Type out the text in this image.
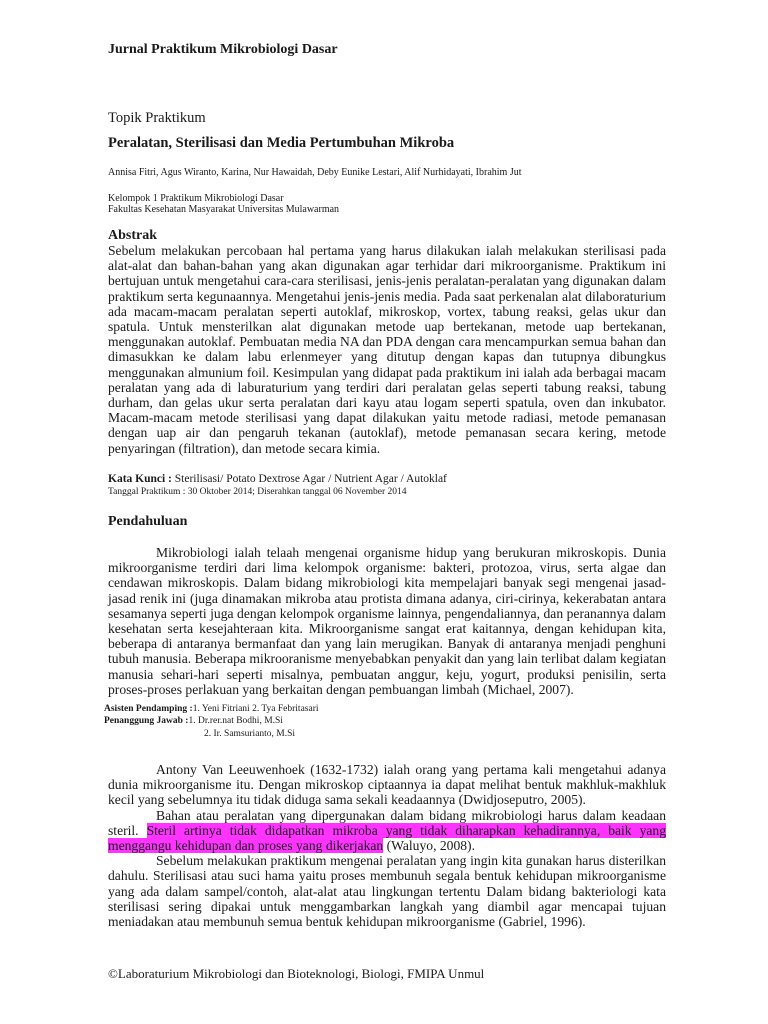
Jurnal Praktikum Mikrobiologi Dasar
Topik Praktikum
Peralatan, Sterilisasi dan Media Pertumbuhan Mikroba
Annisa Fitri, Agus Wiranto, Karina, Nur Hawaidah, Deby Eunike Lestari, Alif Nurhidayati, Ibrahim Jut
Kelompok 1 Praktikum Mikrobiologi Dasar
Fakultas Kesehatan Masyarakat Universitas Mulawarman
Abstrak
Sebelum melakukan percobaan hal pertama yang harus dilakukan ialah melakukan sterilisasi pada alat-alat dan bahan-bahan yang akan digunakan agar terhidar dari mikroorganisme. Praktikum ini bertujuan untuk mengetahui cara-cara sterilisasi, jenis-jenis peralatan-peralatan yang digunakan dalam praktikum serta kegunaannya. Mengetahui jenis-jenis media. Pada saat perkenalan alat dilaboraturium ada macam-macam peralatan seperti autoklaf, mikroskop, vortex, tabung reaksi, gelas ukur dan spatula. Untuk mensterilkan alat digunakan metode uap bertekanan, metode uap bertekanan, menggunakan autoklaf. Pembuatan media NA dan PDA dengan cara mencampurkan semua bahan dan dimasukkan ke dalam labu erlenmeyer yang ditutup dengan kapas dan tutupnya dibungkus menggunakan almunium foil. Kesimpulan yang didapat pada praktikum ini ialah ada berbagai macam peralatan yang ada di laburaturium yang terdiri dari peralatan gelas seperti tabung reaksi, tabung durham, dan gelas ukur serta peralatan dari kayu atau logam seperti spatula, oven dan inkubator. Macam-macam metode sterilisasi yang dapat dilakukan yaitu metode radiasi, metode pemanasan dengan uap air dan pengaruh tekanan (autoklaf), metode pemanasan secara kering, metode penyaringan (filtration), dan metode secara kimia.
Kata Kunci : Sterilisasi/ Potato Dextrose Agar / Nutrient Agar / Autoklaf
Tanggal Praktikum : 30 Oktober 2014; Diserahkan tanggal 06 November 2014
Pendahuluan
Mikrobiologi ialah telaah mengenai organisme hidup yang berukuran mikroskopis. Dunia mikroorganisme terdiri dari lima kelompok organisme: bakteri, protozoa, virus, serta algae dan cendawan mikroskopis. Dalam bidang mikrobiologi kita mempelajari banyak segi mengenai jasad-jasad renik ini (juga dinamakan mikroba atau protista dimana adanya, ciri-cirinya, kekerabatan antara sesamanya seperti juga dengan kelompok organisme lainnya, pengendaliannya, dan peranannya dalam kesehatan serta kesejahteraan kita. Mikroorganisme sangat erat kaitannya, dengan kehidupan kita, beberapa di antaranya bermanfaat dan yang lain merugikan. Banyak di antaranya menjadi penghuni tubuh manusia. Beberapa mikrooranisme menyebabkan penyakit dan yang lain terlibat dalam kegiatan manusia sehari-hari seperti misalnya, pembuatan anggur, keju, yogurt, produksi penisilin, serta proses-proses perlakuan yang berkaitan dengan pembuangan limbah (Michael, 2007).
Asisten Pendamping :1. Yeni Fitriani 2. Tya Febritasari
Penanggung Jawab :1. Dr.rer.nat Bodhi, M.Si
2. Ir. Samsurianto, M.Si
Antony Van Leeuwenhoek (1632-1732) ialah orang yang pertama kali mengetahui adanya dunia mikroorganisme itu. Dengan mikroskop ciptaannya ia dapat melihat bentuk makhluk-makhluk kecil yang sebelumnya itu tidak diduga sama sekali keadaannya (Dwidjoseputro, 2005).
Bahan atau peralatan yang dipergunakan dalam bidang mikrobiologi harus dalam keadaan steril. Steril artinya tidak didapatkan mikroba yang tidak diharapkan kehadirannya, baik yang menggangu kehidupan dan proses yang dikerjakan (Waluyo, 2008).
Sebelum melakukan praktikum mengenai peralatan yang ingin kita gunakan harus disterilkan dahulu. Sterilisasi atau suci hama yaitu proses membunuh segala bentuk kehidupan mikroorganisme yang ada dalam sampel/contoh, alat-alat atau lingkungan tertentu Dalam bidang bakteriologi kata sterilisasi sering dipakai untuk menggambarkan langkah yang diambil agar mencapai tujuan meniadakan atau membunuh semua bentuk kehidupan mikroorganisme (Gabriel, 1996).
©Laboraturium Mikrobiologi dan Bioteknologi, Biologi, FMIPA Unmul
